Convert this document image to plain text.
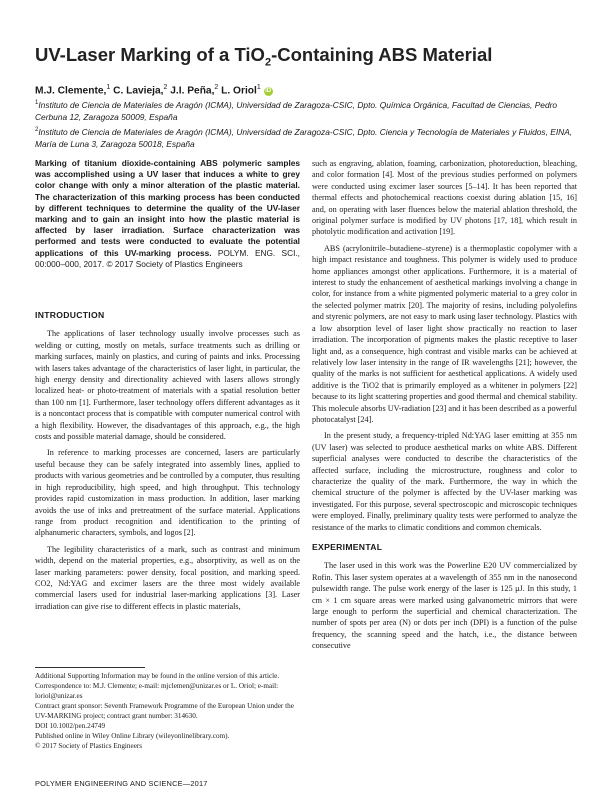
UV-Laser Marking of a TiO$_2$-Containing ABS Material
M.J. Clemente,$^1$ C. Lavieja,$^2$ J.I. Peña,$^2$ L. Oriol$^1$ iD
$^1$Instituto de Ciencia de Materiales de Aragón (ICMA), Universidad de Zaragoza-CSIC, Dpto. Química Orgánica, Facultad de Ciencias, Pedro Cerbuna 12, Zaragoza 50009, España
$^2$Instituto de Ciencia de Materiales de Aragón (ICMA), Universidad de Zaragoza-CSIC, Dpto. Ciencia y Tecnología de Materiales y Fluidos, EINA, María de Luna 3, Zaragoza 50018, España
Marking of titanium dioxide-containing ABS polymeric samples was accomplished using a UV laser that induces a white to grey color change with only a minor alteration of the plastic material. The characterization of this marking process has been conducted by different techniques to determine the quality of the UV-laser marking and to gain an insight into how the plastic material is affected by laser irradiation. Surface characterization was performed and tests were conducted to evaluate the potential applications of this UV-marking process. POLYM. ENG. SCI., 00:000–000, 2017. © 2017 Society of Plastics Engineers
INTRODUCTION

The applications of laser technology usually involve processes such as welding or cutting, mostly on metals, surface treatments such as drilling or marking surfaces, mainly on plastics, and curing of paints and inks. Processing with lasers takes advantage of the characteristics of laser light, in particular, the high energy density and directionality achieved with lasers allows strongly localized heat- or photo-treatment of materials with a spatial resolution better than 100 nm [1]. Furthermore, laser technology offers different advantages as it is a noncontact process that is compatible with computer numerical control with a high flexibility. However, the disadvantages of this approach, e.g., the high costs and possible material damage, should be considered.

In reference to marking processes are concerned, lasers are particularly useful because they can be safely integrated into assembly lines, applied to products with various geometries and be controlled by a computer, thus resulting in high reproducibility, high speed, and high throughput. This technology provides rapid customization in mass production. In addition, laser marking avoids the use of inks and pretreatment of the surface material. Applications range from product recognition and identification to the printing of alphanumeric characters, symbols, and logos [2].

The legibility characteristics of a mark, such as contrast and minimum width, depend on the material properties, e.g., absorptivity, as well as on the laser marking parameters: power density, focal position, and marking speed. CO2, Nd:YAG and excimer lasers are the three most widely available commercial lasers used for industrial laser-marking applications [3]. Laser irradiation can give rise to different effects in plastic materials,

such as engraving, ablation, foaming, carbonization, photoreduction, bleaching, and color formation [4]. Most of the previous studies performed on polymers were conducted using excimer laser sources [5–14]. It has been reported that thermal effects and photochemical reactions coexist during ablation [15, 16] and, on operating with laser fluences below the material ablation threshold, the original polymer surface is modified by UV photons [17, 18], which result in photolytic modification and activation [19].

ABS (acrylonitrile–butadiene–styrene) is a thermoplastic copolymer with a high impact resistance and toughness. This polymer is widely used to produce home appliances amongst other applications. Furthermore, it is a material of interest to study the enhancement of aesthetical markings involving a change in color, for instance from a white pigmented polymeric material to a grey color in the selected polymer matrix [20]. The majority of resins, including polyolefins and styrenic polymers, are not easy to mark using laser technology. Plastics with a low absorption level of laser light show practically no reaction to laser irradiation. The incorporation of pigments makes the plastic receptive to laser light and, as a consequence, high contrast and visible marks can be achieved at relatively low laser intensity in the range of IR wavelengths [21]; however, the quality of the marks is not sufficient for aesthetical applications. A widely used additive is the TiO2 that is primarily employed as a whitener in polymers [22] because to its light scattering properties and good thermal and chemical stability. This molecule absorbs UV-radiation [23] and it has been described as a powerful photocatalyst [24].

In the present study, a frequency-tripled Nd:YAG laser emitting at 355 nm (UV laser) was selected to produce aesthetical marks on white ABS. Different superficial analyses were conducted to describe the characteristics of the affected surface, including the microstructure, roughness and color to characterize the quality of the mark. Furthermore, the way in which the chemical structure of the polymer is affected by the UV-laser marking was investigated. For this purpose, several spectroscopic and microscopic techniques were employed. Finally, preliminary quality tests were performed to analyze the resistance of the marks to climatic conditions and common chemicals.

EXPERIMENTAL

The laser used in this work was the Powerline E20 UV commercialized by Rofin. This laser system operates at a wavelength of 355 nm in the nanosecond pulsewidth range. The pulse work energy of the laser is 125 μJ. In this study, 1 cm × 1 cm square areas were marked using galvanometric mirrors that were large enough to perform the superficial and chemical characterization. The number of spots per area (N) or dots per inch (DPI) is a function of the pulse frequency, the scanning speed and the hatch, i.e., the distance between consecutive

Additional Supporting Information may be found in the online version of this article.
Correspondence to: M.J. Clemente; e-mail: mjclemen@unizar.es or L. Oriol; e-mail: loriol@unizar.es
Contract grant sponsor: Seventh Framework Programme of the European Union under the UV-MARKING project; contract grant number: 314630.
DOI 10.1002/pen.24749
Published online in Wiley Online Library (wileyonlinelibrary.com).
© 2017 Society of Plastics Engineers
POLYMER ENGINEERING AND SCIENCE—2017
